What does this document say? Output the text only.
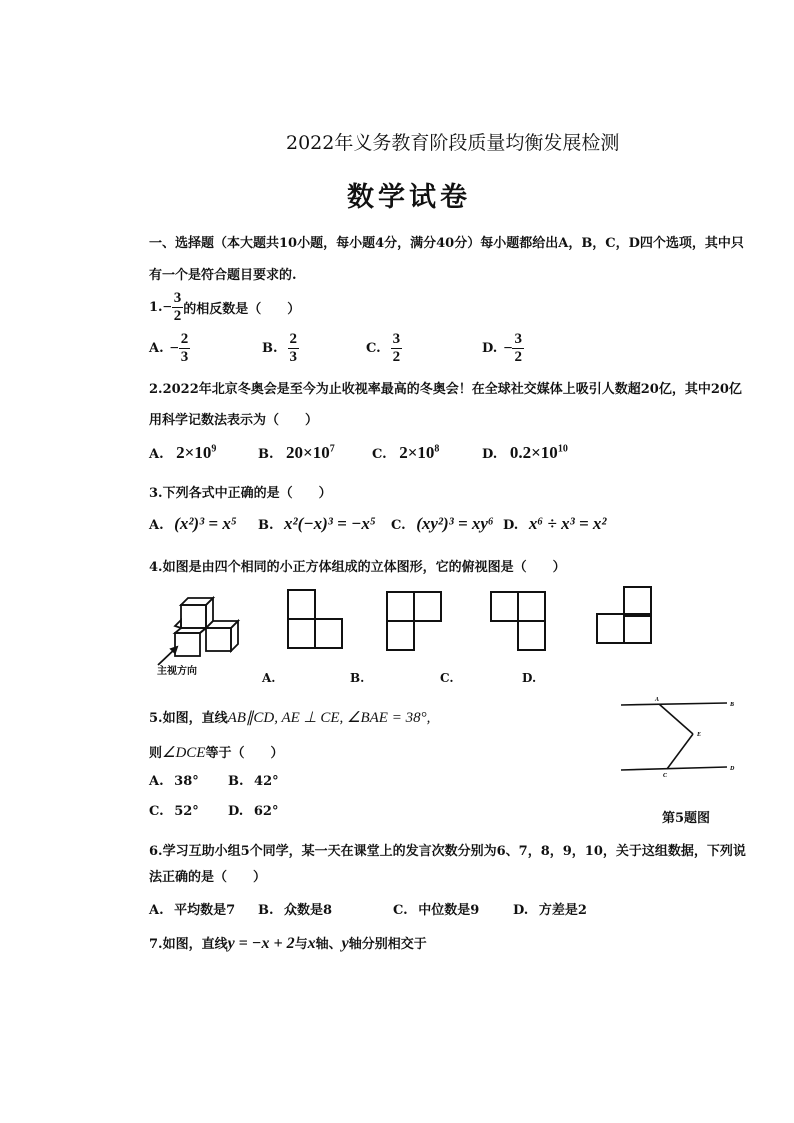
2022年义务教育阶段质量均衡发展检测
数学试卷
一、选择题（本大题共10小题，每小题4分，满分40分）每小题都给出A，B，C，D四个选项，其中只
有一个是符合题目要求的.
1. − $\frac{3}{2}$ 的相反数是（　　）
A. − $\frac{2}{3}$	B. $\frac{2}{3}$	C. $\frac{3}{2}$	D. − $\frac{3}{2}$
2.2022年北京冬奥会是至今为止收视率最高的冬奥会！在全球社交媒体上吸引人数超20亿，其中20亿
用科学记数法表示为（　　）
A. $2\times 10^9$	B. $20\times 10^7$	C. $2\times 10^8$	D. $0.2\times 10^{10}$
3.下列各式中正确的是（　　）
A. (x²)³ = x⁵ B. x²(−x)³ = −x⁵ C. (xy²)³ = xy⁶ D. x⁶ ÷ x³ = x²
4.如图是由四个相同的小正方体组成的立体图形，它的俯视图是（　　）
主视方向	A.	B.	C.	D.
5.如图，直线AB∥CD, AE ⊥ CE, ∠BAE = 38°,
则∠DCE等于（　　）
A. 38° B. 42°
C. 52° D. 62°
A
B
E
C
D
第5题图
6.学习互助小组5个同学，某一天在课堂上的发言次数分别为6、7，8，9，10，关于这组数据，下列说
法正确的是（　　）
A. 平均数是7 B. 众数是8	C. 中位数是9	D. 方差是2
7.如图，直线y = −x + 2与x轴、y轴分别相交于
